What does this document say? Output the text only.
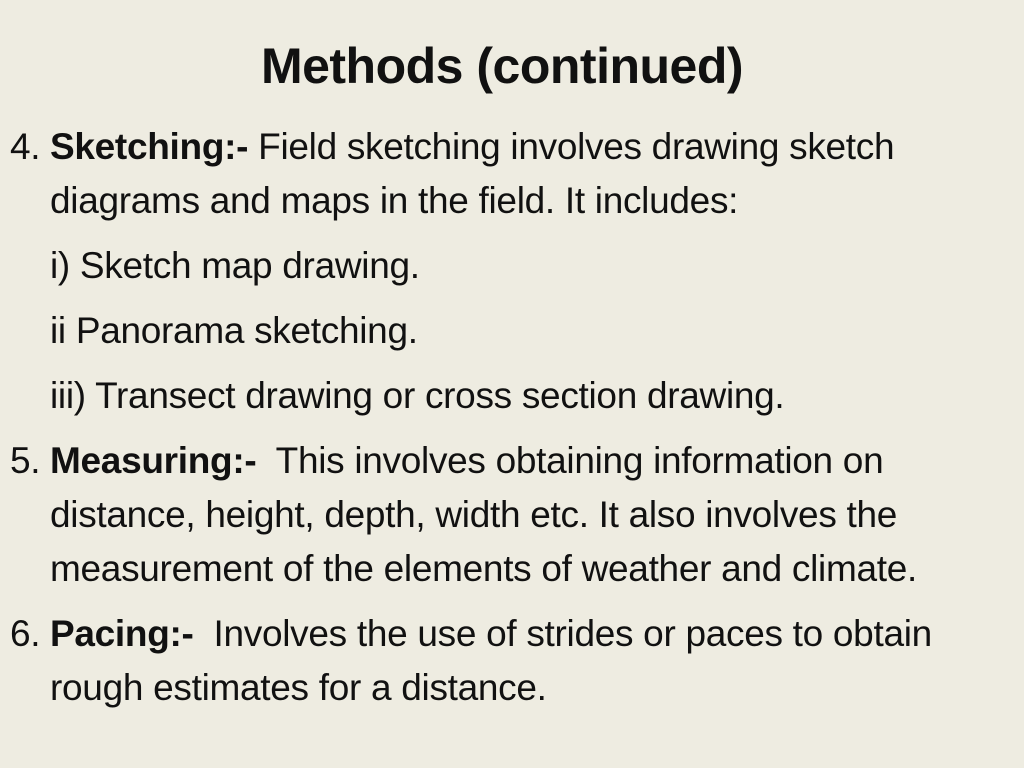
Methods (continued)
4. Sketching:- Field sketching involves drawing sketch diagrams and maps in the field. It includes:
i) Sketch map drawing.
ii Panorama sketching.
iii) Transect drawing or cross section drawing.
5. Measuring:-  This involves obtaining information on distance, height, depth, width etc. It also involves the measurement of the elements of weather and climate.
6. Pacing:-  Involves the use of strides or paces to obtain rough estimates for a distance.
